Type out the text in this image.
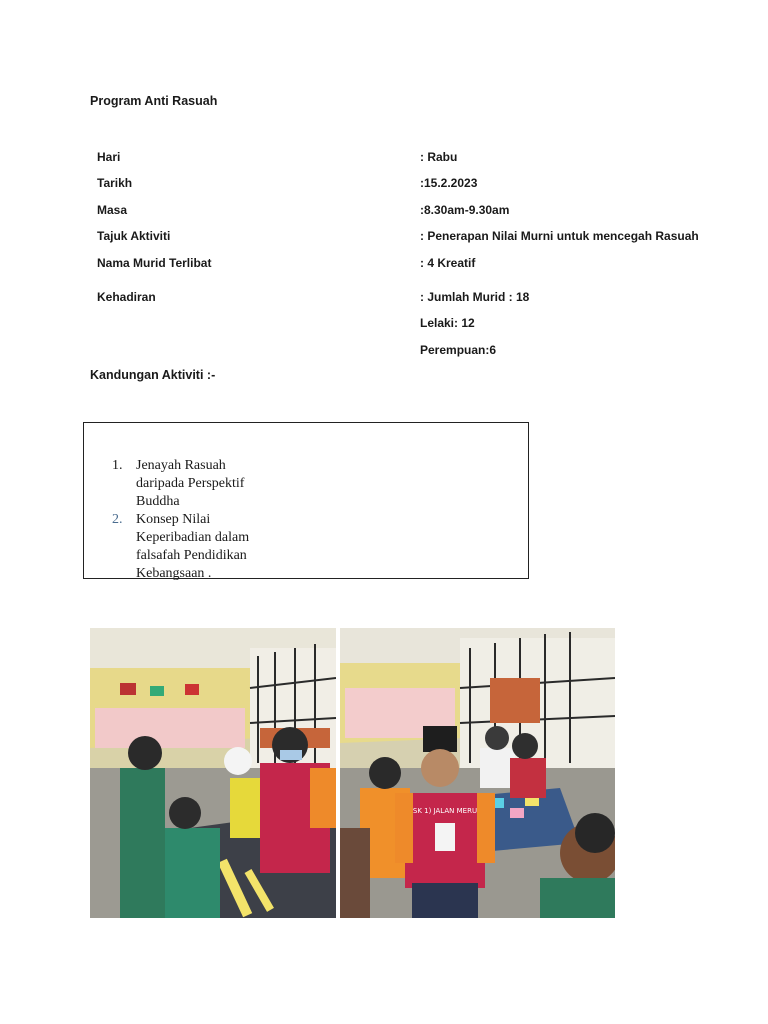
Program Anti Rasuah
Hari	: Rabu
Tarikh	:15.2.2023
Masa	:8.30am-9.30am
Tajuk Aktiviti	: Penerapan Nilai Murni untuk mencegah Rasuah
Nama Murid Terlibat	: 4 Kreatif
Kehadiran	: Jumlah Murid : 18
Lelaki: 12
Perempuan:6
Kandungan Aktiviti :-
1. Jenayah Rasuah daripada Perspektif Buddha
2. Konsep Nilai Keperibadian dalam falsafah Pendidikan Kebangsaan .
SK 1) JALAN MERU
